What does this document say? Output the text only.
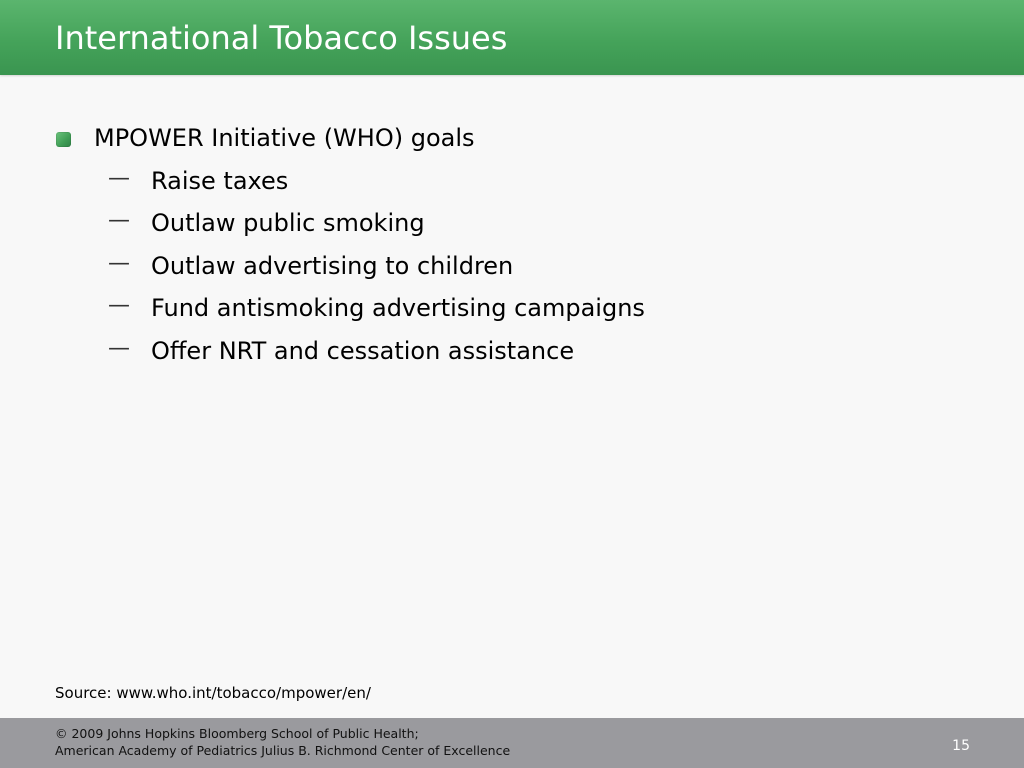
International Tobacco Issues
MPOWER Initiative (WHO) goals
— Raise taxes
— Outlaw public smoking
— Outlaw advertising to children
— Fund antismoking advertising campaigns
— Offer NRT and cessation assistance
Source: www.who.int/tobacco/mpower/en/
© 2009 Johns Hopkins Bloomberg School of Public Health;
American Academy of Pediatrics Julius B. Richmond Center of Excellence	15
